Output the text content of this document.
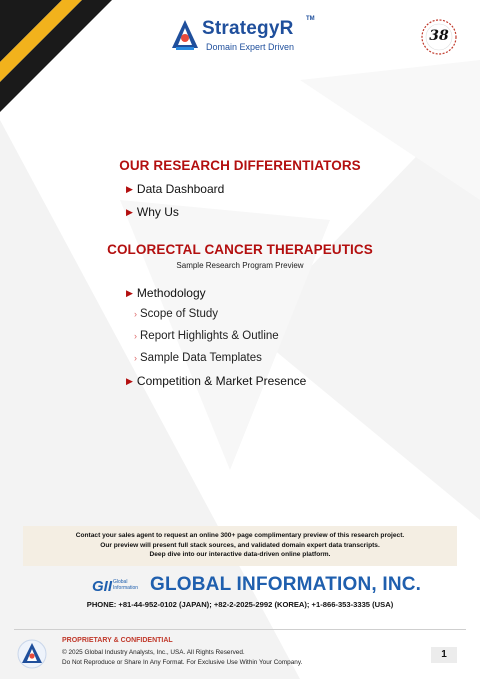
StrategyR TM
Domain Expert Driven
38
OUR RESEARCH DIFFERENTIATORS
▶ Data Dashboard
▶ Why Us
COLORECTAL CANCER THERAPEUTICS
Sample Research Program Preview
▶ Methodology
› Scope of Study
› Report Highlights & Outline
› Sample Data Templates
▶ Competition & Market Presence

Contact your sales agent to request an online 300+ page complimentary preview of this research project.

Our preview will present full stack sources, and validated domain expert data transcripts.

Deep dive into our interactive data-driven online platform.

GII Global
Information GLOBAL INFORMATION, INC.
PHONE: +81-44-952-0102 (JAPAN); +82-2-2025-2992 (KOREA); +1-866-353-3335 (USA)
PROPRIETARY & CONFIDENTIAL
© 2025 Global Industry Analysts, Inc., USA. All Rights Reserved.
Do Not Reproduce or Share In Any Format. For Exclusive Use Within Your Company.
1
